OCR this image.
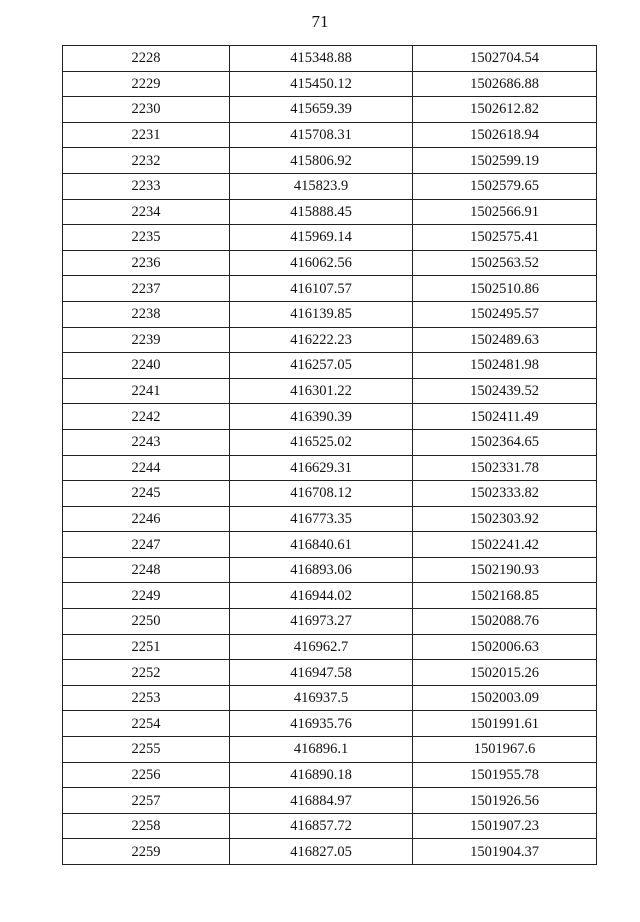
71
2228	415348.88	1502704.54
2229	415450.12	1502686.88
2230	415659.39	1502612.82
2231	415708.31	1502618.94
2232	415806.92	1502599.19
2233	415823.9	1502579.65
2234	415888.45	1502566.91
2235	415969.14	1502575.41
2236	416062.56	1502563.52
2237	416107.57	1502510.86
2238	416139.85	1502495.57
2239	416222.23	1502489.63
2240	416257.05	1502481.98
2241	416301.22	1502439.52
2242	416390.39	1502411.49
2243	416525.02	1502364.65
2244	416629.31	1502331.78
2245	416708.12	1502333.82
2246	416773.35	1502303.92
2247	416840.61	1502241.42
2248	416893.06	1502190.93
2249	416944.02	1502168.85
2250	416973.27	1502088.76
2251	416962.7	1502006.63
2252	416947.58	1502015.26
2253	416937.5	1502003.09
2254	416935.76	1501991.61
2255	416896.1	1501967.6
2256	416890.18	1501955.78
2257	416884.97	1501926.56
2258	416857.72	1501907.23
2259	416827.05	1501904.37
